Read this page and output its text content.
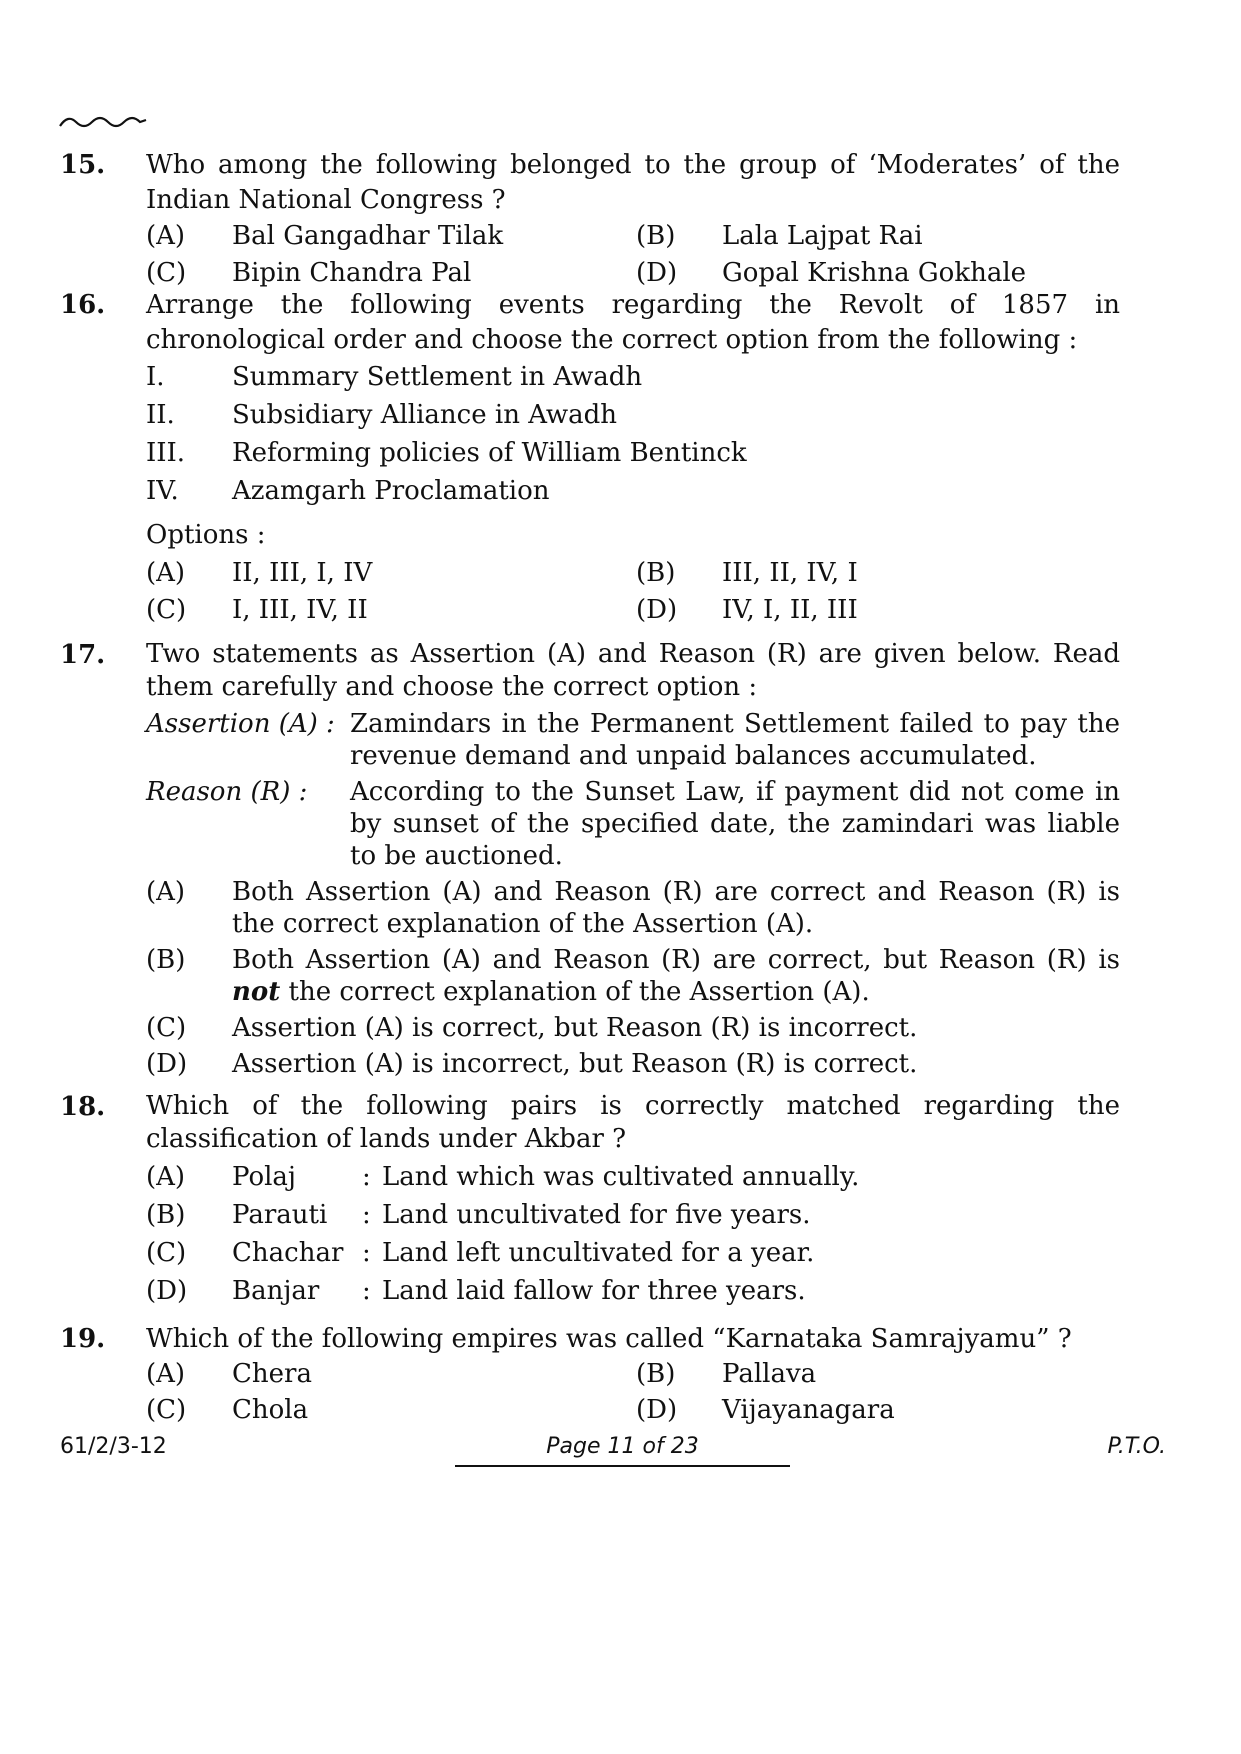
15. Who among the following belonged to the group of ‘Moderates’ of the Indian National Congress ?
(A) Bal Gangadhar Tilak	(B) Lala Lajpat Rai
(C) Bipin Chandra Pal	(D) Gopal Krishna Gokhale
16. Arrange the following events regarding the Revolt of 1857 in chronological order and choose the correct option from the following :
I.	Summary Settlement in Awadh
II. Subsidiary Alliance in Awadh
III. Reforming policies of William Bentinck
IV. Azamgarh Proclamation
Options :
(A) II, III, I, IV	(B) III, II, IV, I
(C) I, III, IV, II	(D) IV, I, II, III
17. Two statements as Assertion (A) and Reason (R) are given below. Read them carefully and choose the correct option :
Assertion (A) : Zamindars in the Permanent Settlement failed to pay the revenue demand and unpaid balances accumulated.
Reason (R) : According to the Sunset Law, if payment did not come in by sunset of the specified date, the zamindari was liable to be auctioned.
(A) Both Assertion (A) and Reason (R) are correct and Reason (R) is the correct explanation of the Assertion (A).
(B) Both Assertion (A) and Reason (R) are correct, but Reason (R) is not the correct explanation of the Assertion (A).
(C) Assertion (A) is correct, but Reason (R) is incorrect.
(D) Assertion (A) is incorrect, but Reason (R) is correct.
18. Which of the following pairs is correctly matched regarding the classification of lands under Akbar ?
(A) Polaj	: Land which was cultivated annually.
(B) Parauti : Land uncultivated for five years.
(C) Chachar : Land left uncultivated for a year.
(D) Banjar : Land laid fallow for three years.
19. Which of the following empires was called “Karnataka Samrajyamu” ?
(A) Chera	(B) Pallava
(C) Chola	(D) Vijayanagara
61/2/3-12	Page 11 of 23	P.T.O.
